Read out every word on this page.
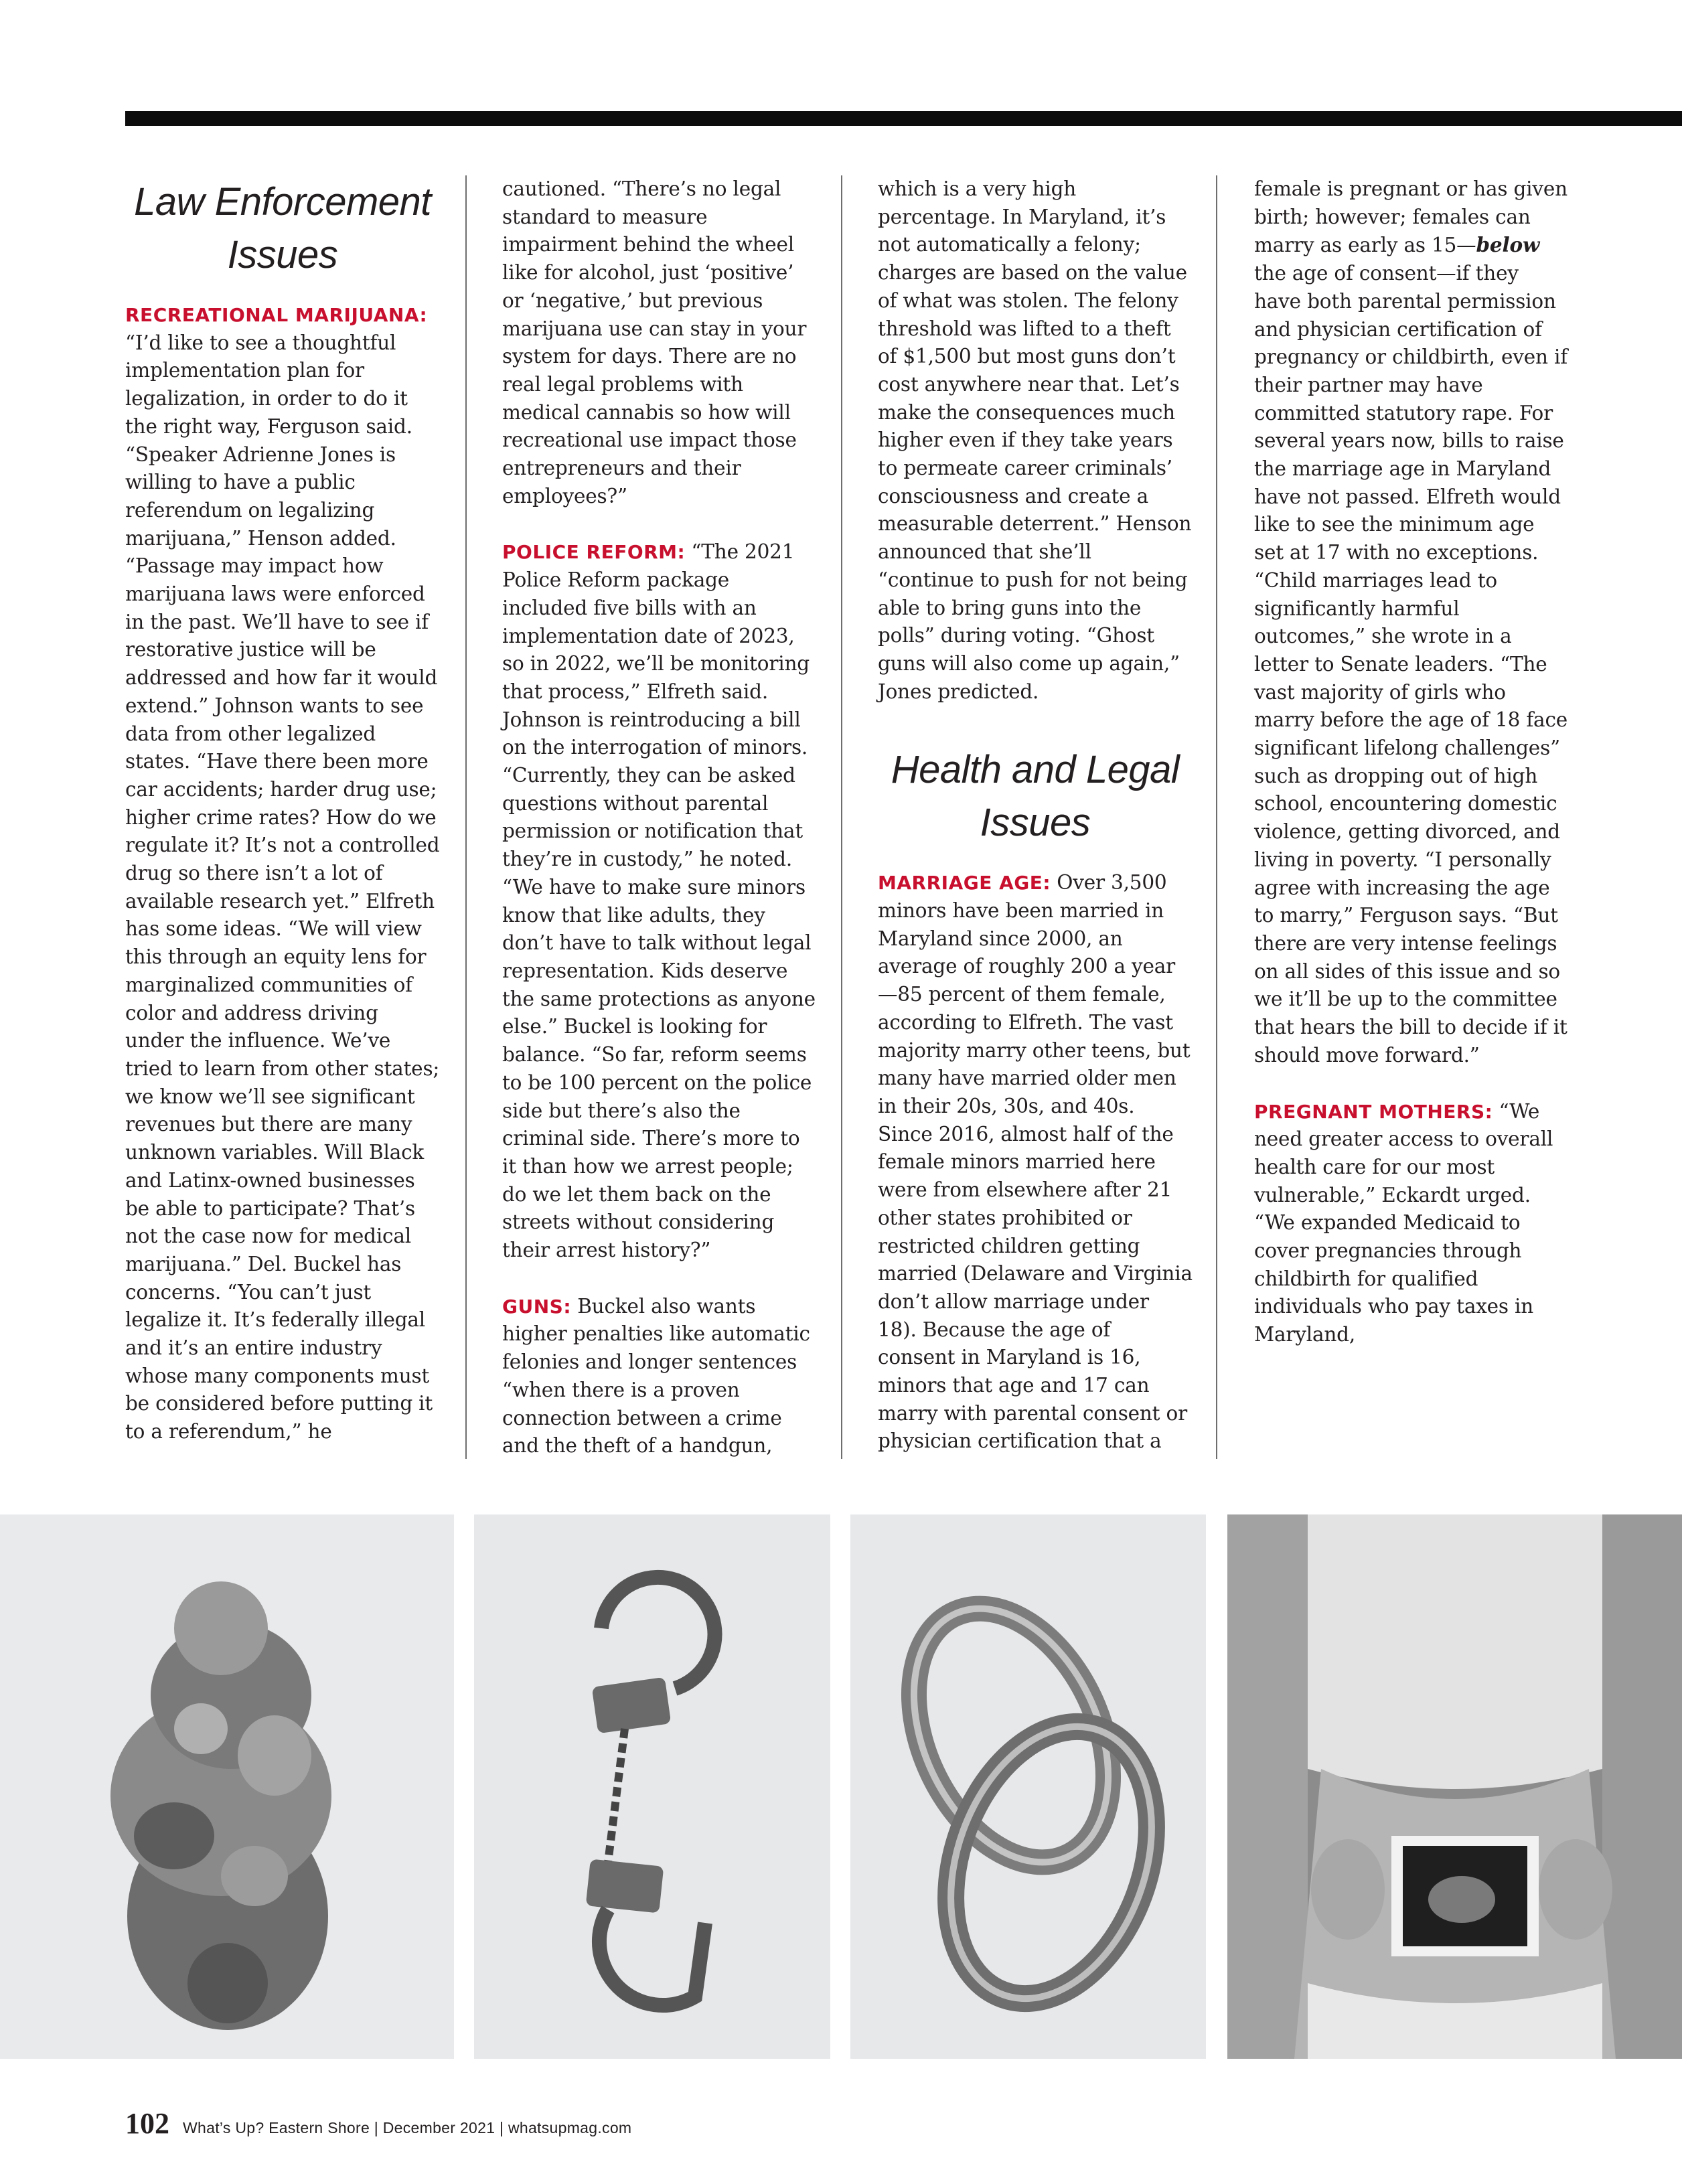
Law Enforcement Issues

RECREATIONAL MARIJUANA: “I’d like to see a thoughtful implementation plan for legalization, in order to do it the right way, Ferguson said. “Speaker Adrienne Jones is willing to have a public referendum on legalizing marijuana,” Henson added. “Passage may impact how marijuana laws were enforced in the past. We’ll have to see if restorative justice will be addressed and how far it would extend.” Johnson wants to see data from other legalized states. “Have there been more car accidents; harder drug use; higher crime rates? How do we regulate it? It’s not a controlled drug so there isn’t a lot of available research yet.” Elfreth has some ideas. “We will view this through an equity lens for marginalized communities of color and address driving under the influence. We’ve tried to learn from other states; we know we’ll see significant revenues but there are many unknown variables. Will Black and Latinx-owned businesses be able to participate? That’s not the case now for medical marijuana.” Del. Buckel has concerns. “You can’t just legalize it. It’s federally illegal and it’s an entire industry whose many components must be considered before putting it to a referendum,” he

cautioned. “There’s no legal standard to measure impairment behind the wheel like for alcohol, just ‘positive’ or ‘negative,’ but previous marijuana use can stay in your system for days. There are no real legal problems with medical cannabis so how will recreational use impact those entrepreneurs and their employees?”

POLICE REFORM: “The 2021 Police Reform package included five bills with an implementation date of 2023, so in 2022, we’ll be monitoring that process,” Elfreth said. Johnson is reintroducing a bill on the interrogation of minors. “Currently, they can be asked questions without parental permission or notification that they’re in custody,” he noted. “We have to make sure minors know that like adults, they don’t have to talk without legal representation. Kids deserve the same protections as anyone else.” Buckel is looking for balance. “So far, reform seems to be 100 percent on the police side but there’s also the criminal side. There’s more to it than how we arrest people; do we let them back on the streets without considering their arrest history?”

GUNS: Buckel also wants higher penalties like automatic felonies and longer sentences “when there is a proven connection between a crime and the theft of a handgun,

which is a very high percentage. In Maryland, it’s not automatically a felony; charges are based on the value of what was stolen. The felony threshold was lifted to a theft of $1,500 but most guns don’t cost anywhere near that. Let’s make the consequences much higher even if they take years to permeate career criminals’ consciousness and create a measurable deterrent.” Henson announced that she’ll “continue to push for not being able to bring guns into the polls” during voting. “Ghost guns will also come up again,” Jones predicted.

Health and Legal Issues

MARRIAGE AGE: Over 3,500 minors have been married in Maryland since 2000, an average of roughly 200 a year—85 percent of them female, according to Elfreth. The vast majority marry other teens, but many have married older men in their 20s, 30s, and 40s. Since 2016, almost half of the female minors married here were from elsewhere after 21 other states prohibited or restricted children getting married (Delaware and Virginia don’t allow marriage under 18). Because the age of consent in Maryland is 16, minors that age and 17 can marry with parental consent or physician certification that a

female is pregnant or has given birth; however; females can marry as early as 15—below the age of consent—if they have both parental permission and physician certification of pregnancy or childbirth, even if their partner may have committed statutory rape. For several years now, bills to raise the marriage age in Maryland have not passed. Elfreth would like to see the minimum age set at 17 with no exceptions. “Child marriages lead to significantly harmful outcomes,” she wrote in a letter to Senate leaders. “The vast majority of girls who marry before the age of 18 face significant lifelong challenges” such as dropping out of high school, encountering domestic violence, getting divorced, and living in poverty. “I personally agree with increasing the age to marry,” Ferguson says. “But there are very intense feelings on all sides of this issue and so we it’ll be up to the committee that hears the bill to decide if it should move forward.”

PREGNANT MOTHERS: “We need greater access to overall health care for our most vulnerable,” Eckardt urged. “We expanded Medicaid to cover pregnancies through childbirth for qualified individuals who pay taxes in Maryland,

102 What’s Up? Eastern Shore | December 2021 | whatsupmag.com
